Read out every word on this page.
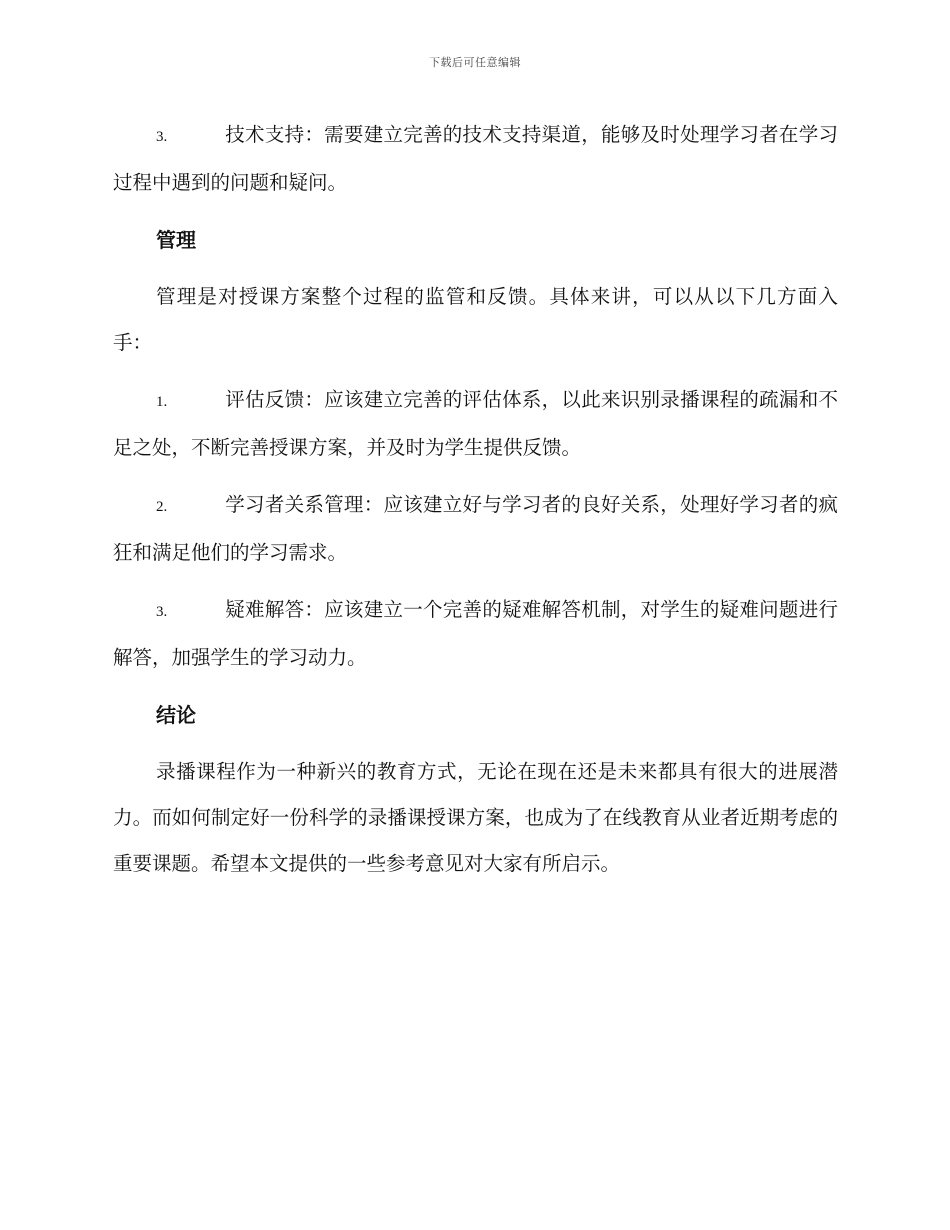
下载后可任意编辑

3.	技术支持：需要建立完善的技术支持渠道，能够及时处理学习者在学习过程中遇到的问题和疑问。

管理

管理是对授课方案整个过程的监管和反馈。具体来讲，可以从以下几方面入手：

1.	评估反馈：应该建立完善的评估体系，以此来识别录播课程的疏漏和不足之处，不断完善授课方案，并及时为学生提供反馈。

2.	学习者关系管理：应该建立好与学习者的良好关系，处理好学习者的疯狂和满足他们的学习需求。

3.	疑难解答：应该建立一个完善的疑难解答机制，对学生的疑难问题进行解答，加强学生的学习动力。

结论

录播课程作为一种新兴的教育方式，无论在现在还是未来都具有很大的进展潜力。而如何制定好一份科学的录播课授课方案，也成为了在线教育从业者近期考虑的重要课题。希望本文提供的一些参考意见对大家有所启示。
